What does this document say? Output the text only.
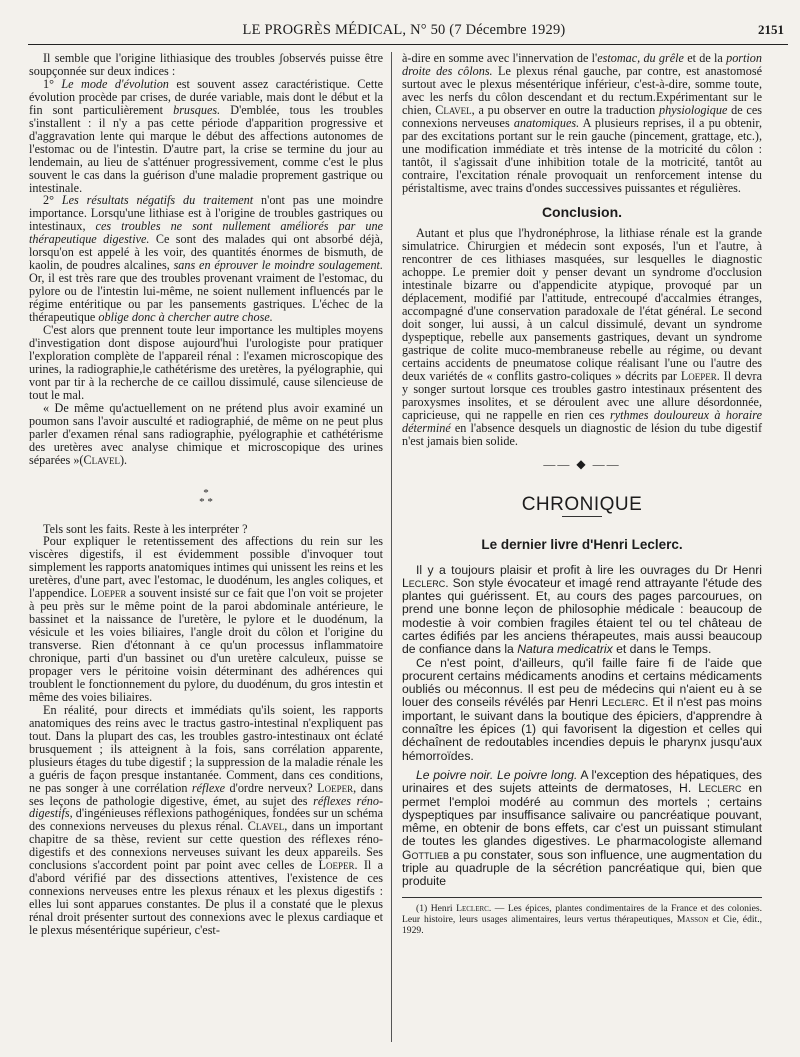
LE PROGRÈS MÉDICAL, N° 50 (7 Décembre 1929)	2151

Il semble que l'origine lithiasique des troubles ʃobservés puisse être soupçonnée sur deux indices :

1° Le mode d'évolution est souvent assez caractéristique. Cette évolution procède par crises, de durée variable, mais dont le début et la fin sont particulièrement brusques. D'emblée, tous les troubles s'installent : il n'y a pas cette période d'apparition progressive et d'aggravation lente qui marque le début des affections autonomes de l'estomac ou de l'intestin. D'autre part, la crise se termine du jour au lendemain, au lieu de s'atténuer progressivement, comme c'est le plus souvent le cas dans la guérison d'une maladie proprement gastrique ou intestinale.

2° Les résultats négatifs du traitement n'ont pas une moindre importance. Lorsqu'une lithiase est à l'origine de troubles gastriques ou intestinaux, ces troubles ne sont nullement améliorés par une thérapeutique digestive. Ce sont des malades qui ont absorbé déjà, lorsqu'on est appelé à les voir, des quantités énormes de bismuth, de kaolin, de poudres alcalines, sans en éprouver le moindre soulagement. Or, il est très rare que des troubles provenant vraiment de l'estomac, du pylore ou de l'intestin lui-même, ne soient nullement influencés par le régime entéritique ou par les pansements gastriques. L'échec de la thérapeutique oblige donc à chercher autre chose.

C'est alors que prennent toute leur importance les multiples moyens d'investigation dont dispose aujourd'hui l'urologiste pour pratiquer l'exploration complète de l'appareil rénal : l'examen microscopique des urines, la radiographie,le cathétérisme des uretères, la pyélographie, qui vont par tir à la recherche de ce caillou dissimulé, cause silencieuse de tout le mal.

« De même qu'actuellement on ne prétend plus avoir examiné un poumon sans l'avoir ausculté et radiographié, de même on ne peut plus parler d'examen rénal sans radiographie, pyélographie et cathétérisme des uretères avec analyse chimique et microscopique des urines séparées »(Clavel).

*
* *

Tels sont les faits. Reste à les interpréter ?

Pour expliquer le retentissement des affections du rein sur les viscères digestifs, il est évidemment possible d'invoquer tout simplement les rapports anatomiques intimes qui unissent les reins et les uretères, d'une part, avec l'estomac, le duodénum, les angles coliques, et l'appendice. Loeper a souvent insisté sur ce fait que l'on voit se projeter à peu près sur le même point de la paroi abdominale antérieure, le bassinet et la naissance de l'uretère, le pylore et le duodénum, la vésicule et les voies biliaires, l'angle droit du côlon et l'origine du transverse. Rien d'étonnant à ce qu'un processus inflammatoire chronique, parti d'un bassinet ou d'un uretère calculeux, puisse se propager vers le péritoine voisin déterminant des adhérences qui troublent le fonctionnement du pylore, du duodénum, du gros intestin et même des voies biliaires.

En réalité, pour directs et immédiats qu'ils soient, les rapports anatomiques des reins avec le tractus gastro-intestinal n'expliquent pas tout. Dans la plupart des cas, les troubles gastro-intestinaux ont éclaté brusquement ; ils atteignent à la fois, sans corrélation apparente, plusieurs étages du tube digestif ; la suppression de la maladie rénale les a guéris de façon presque instantanée. Comment, dans ces conditions, ne pas songer à une corrélation réflexe d'ordre nerveux? Loeper, dans ses leçons de pathologie digestive, émet, au sujet des réflexes réno-digestifs, d'ingénieuses réflexions pathogéniques, fondées sur un schéma des connexions nerveuses du plexus rénal. Clavel, dans un important chapitre de sa thèse, revient sur cette question des réflexes réno-digestifs et des connexions nerveuses suivant les deux appareils. Ses conclusions s'accordent point par point avec celles de Loeper. Il a d'abord vérifié par des dissections attentives, l'existence de ces connexions nerveuses entre les plexus rénaux et les plexus digestifs : elles lui sont apparues constantes. De plus il a constaté que le plexus rénal droit présenter surtout des connexions avec le plexus cardiaque et le plexus mésentérique supérieur, c'est-

à-dire en somme avec l'innervation de l'estomac, du grêle et de la portion droite des côlons. Le plexus rénal gauche, par contre, est anastomosé surtout avec le plexus mésentérique inférieur, c'est-à-dire, somme toute, avec les nerfs du côlon descendant et du rectum.Expérimentant sur le chien, Clavel, a pu observer en outre la traduction physiologique de ces connexions nerveuses anatomiques. A plusieurs reprises, il a pu obtenir, par des excitations portant sur le rein gauche (pincement, grattage, etc.), une modification immédiate et très intense de la motricité du côlon : tantôt, il s'agissait d'une inhibition totale de la motricité, tantôt au contraire, l'excitation rénale provoquait un renforcement intense du péristaltisme, avec trains d'ondes successives puissantes et régulières.

Conclusion.

Autant et plus que l'hydronéphrose, la lithiase rénale est la grande simulatrice. Chirurgien et médecin sont exposés, l'un et l'autre, à rencontrer de ces lithiases masquées, sur lesquelles le diagnostic achoppe. Le premier doit y penser devant un syndrome d'occlusion intestinale bizarre ou d'appendicite atypique, provoqué par un déplacement, modifié par l'attitude, entrecoupé d'accalmies étranges, accompagné d'une conservation paradoxale de l'état général. Le second doit songer, lui aussi, à un calcul dissimulé, devant un syndrome dyspeptique, rebelle aux pansements gastriques, devant un syndrome gastrique de colite muco-membraneuse rebelle au régime, ou devant certains accidents de pneumatose colique réalisant l'une ou l'autre des deux variétés de « conflits gastro-coliques » décrits par Loeper. Il devra y songer surtout lorsque ces troubles gastro intestinaux présentent des paroxysmes insolites, et se déroulent avec une allure désordonnée, capricieuse, qui ne rappelle en rien ces rythmes douloureux à horaire déterminé en l'absence desquels un diagnostic de lésion du tube digestif n'est jamais bien solide.

—— ◆ ——
CHRONIQUE
Le dernier livre d'Henri Leclerc.

Il y a toujours plaisir et profit à lire les ouvrages du Dr Henri Leclerc. Son style évocateur et imagé rend attrayante l'étude des plantes qui guérissent. Et, au cours des pages parcourues, on prend une bonne leçon de philosophie médicale : beaucoup de modestie à voir combien fragiles étaient tel ou tel château de cartes édifiés par les anciens thérapeutes, mais aussi beaucoup de confiance dans la Natura medicatrix et dans le Temps.

Ce n'est point, d'ailleurs, qu'il faille faire fi de l'aide que procurent certains médicaments anodins et certains médicaments oubliés ou méconnus. Il est peu de médecins qui n'aient eu à se louer des conseils révélés par Henri Leclerc. Et il n'est pas moins important, le suivant dans la boutique des épiciers, d'apprendre à connaître les épices (1) qui favorisent la digestion et celles qui déchaînent de redoutables incendies depuis le pharynx jusqu'aux hémorroïdes.

Le poivre noir. Le poivre long. A l'exception des hépatiques, des urinaires et des sujets atteints de dermatoses, H. Leclerc en permet l'emploi modéré au commun des mortels ; certains dyspeptiques par insuffisance salivaire ou pancréatique pouvant, même, en obtenir de bons effets, car c'est un puissant stimulant de toutes les glandes digestives. Le pharmacologiste allemand Gottlieb a pu constater, sous son influence, une augmentation du triple au quadruple de la sécrétion pancréatique qui, bien que produite

(1) Henri Leclerc. — Les épices, plantes condimentaires de la France et des colonies. Leur histoire, leurs usages alimentaires, leurs vertus thérapeutiques, Masson et Cie, édit., 1929.
